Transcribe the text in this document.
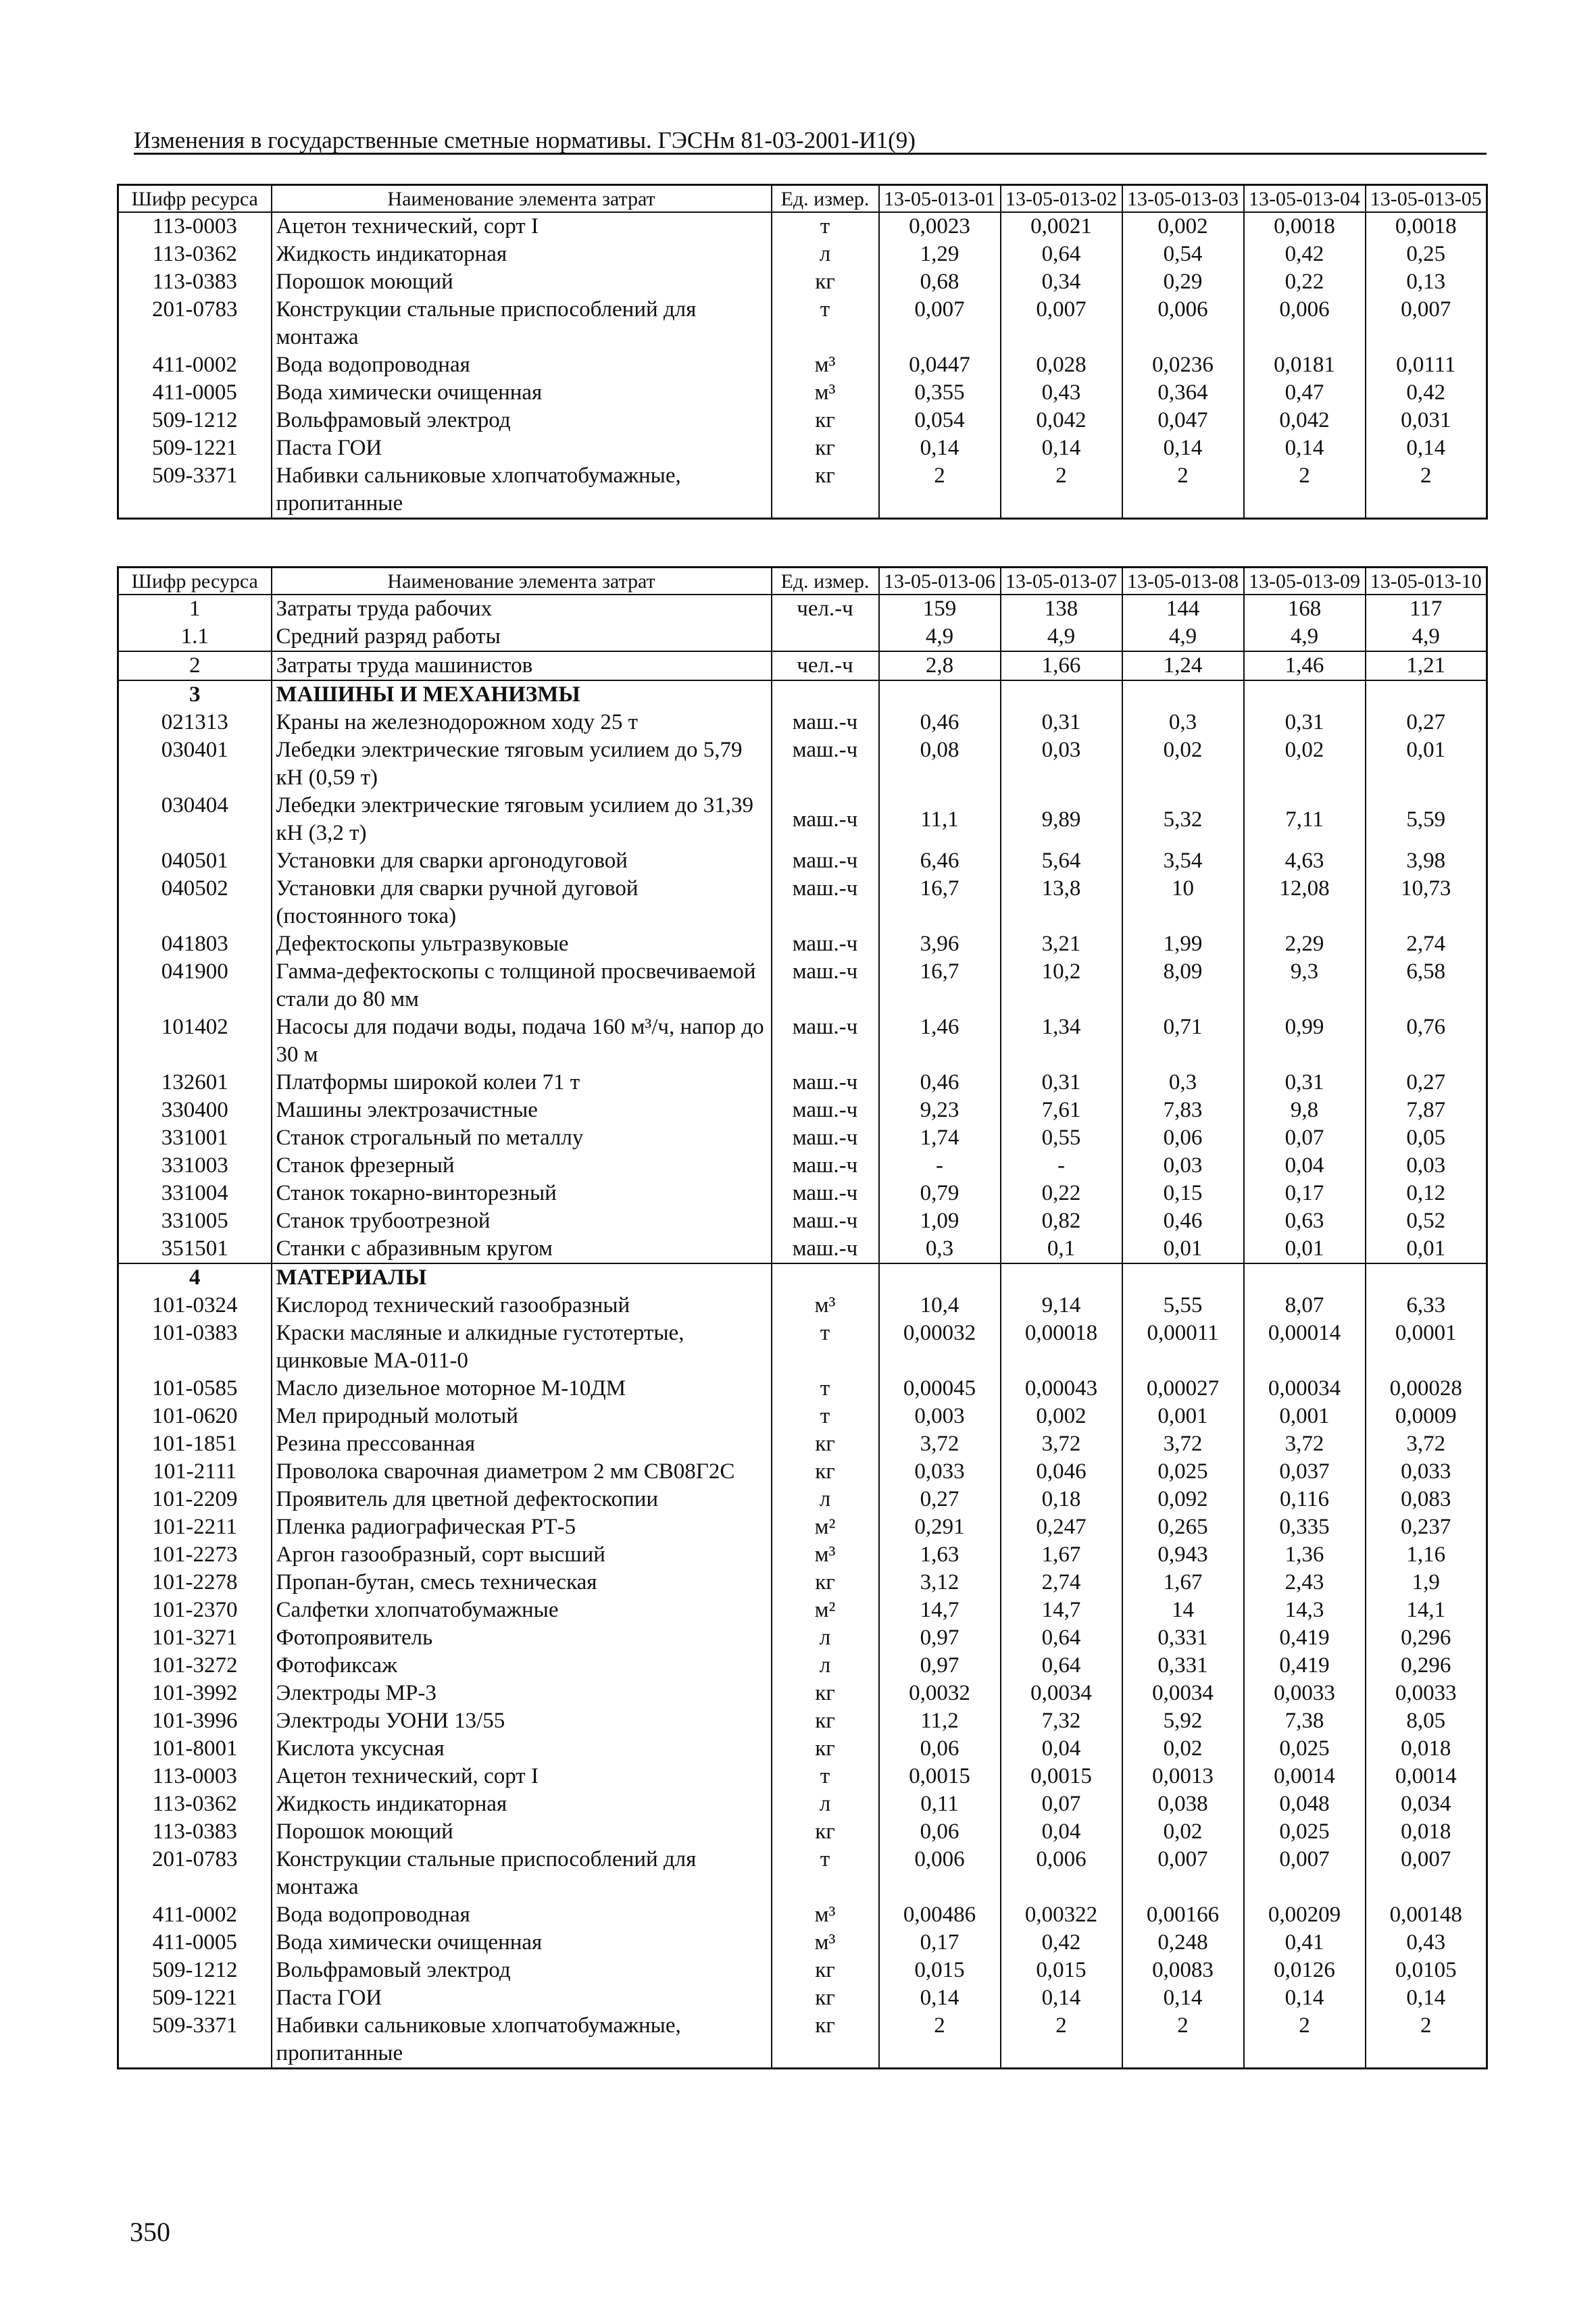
Изменения в государственные сметные нормативы. ГЭСНм 81-03-2001-И1(9)
Шифр ресурса	Наименование элемента затрат	Ед. измер.	13-05-013-01	13-05-013-02	13-05-013-03	13-05-013-04	13-05-013-05
113-0003	Ацетон технический, сорт I	т	0,0023	0,0021	0,002	0,0018	0,0018
113-0362	Жидкость индикаторная	л	1,29	0,64	0,54	0,42	0,25
113-0383	Порошок моющий	кг	0,68	0,34	0,29	0,22	0,13
201-0783	Конструкции стальные приспособлений для монтажа	т	0,007	0,007	0,006	0,006	0,007
411-0002	Вода водопроводная	м³	0,0447	0,028	0,0236	0,0181	0,0111
411-0005	Вода химически очищенная	м³	0,355	0,43	0,364	0,47	0,42
509-1212	Вольфрамовый электрод	кг	0,054	0,042	0,047	0,042	0,031
509-1221	Паста ГОИ	кг	0,14	0,14	0,14	0,14	0,14
509-3371	Набивки сальниковые хлопчатобумажные, пропитанные	кг	2	2	2	2	2
Шифр ресурса	Наименование элемента затрат	Ед. измер.	13-05-013-06	13-05-013-07	13-05-013-08	13-05-013-09	13-05-013-10
1	Затраты труда рабочих	чел.-ч	159	138	144	168	117
1.1	Средний разряд работы		4,9	4,9	4,9	4,9	4,9
2	Затраты труда машинистов	чел.-ч	2,8	1,66	1,24	1,46	1,21
3	МАШИНЫ И МЕХАНИЗМЫ						
021313	Краны на железнодорожном ходу 25 т	маш.-ч	0,46	0,31	0,3	0,31	0,27
030401	Лебедки электрические тяговым усилием до 5,79 кН (0,59 т)	маш.-ч	0,08	0,03	0,02	0,02	0,01
030404	Лебедки электрические тяговым усилием до 31,39 кН (3,2 т)	маш.-ч	11,1	9,89	5,32	7,11	5,59
040501	Установки для сварки аргонодуговой	маш.-ч	6,46	5,64	3,54	4,63	3,98
040502	Установки для сварки ручной дуговой (постоянного тока)	маш.-ч	16,7	13,8	10	12,08	10,73
041803	Дефектоскопы ультразвуковые	маш.-ч	3,96	3,21	1,99	2,29	2,74
041900	Гамма-дефектоскопы с толщиной просвечиваемой стали до 80 мм	маш.-ч	16,7	10,2	8,09	9,3	6,58
101402	Насосы для подачи воды, подача 160 м³/ч, напор до 30 м	маш.-ч	1,46	1,34	0,71	0,99	0,76
132601	Платформы широкой колеи 71 т	маш.-ч	0,46	0,31	0,3	0,31	0,27
330400	Машины электрозачистные	маш.-ч	9,23	7,61	7,83	9,8	7,87
331001	Станок строгальный по металлу	маш.-ч	1,74	0,55	0,06	0,07	0,05
331003	Станок фрезерный	маш.-ч	-	-	0,03	0,04	0,03
331004	Станок токарно-винторезный	маш.-ч	0,79	0,22	0,15	0,17	0,12
331005	Станок трубоотрезной	маш.-ч	1,09	0,82	0,46	0,63	0,52
351501	Станки с абразивным кругом	маш.-ч	0,3	0,1	0,01	0,01	0,01
4	МАТЕРИАЛЫ						
101-0324	Кислород технический газообразный	м³	10,4	9,14	5,55	8,07	6,33
101-0383	Краски масляные и алкидные густотертые, цинковые МА-011-0	т	0,00032	0,00018	0,00011	0,00014	0,0001
101-0585	Масло дизельное моторное М-10ДМ	т	0,00045	0,00043	0,00027	0,00034	0,00028
101-0620	Мел природный молотый	т	0,003	0,002	0,001	0,001	0,0009
101-1851	Резина прессованная	кг	3,72	3,72	3,72	3,72	3,72
101-2111	Проволока сварочная диаметром 2 мм СВ08Г2С	кг	0,033	0,046	0,025	0,037	0,033
101-2209	Проявитель для цветной дефектоскопии	л	0,27	0,18	0,092	0,116	0,083
101-2211	Пленка радиографическая РТ-5	м²	0,291	0,247	0,265	0,335	0,237
101-2273	Аргон газообразный, сорт высший	м³	1,63	1,67	0,943	1,36	1,16
101-2278	Пропан-бутан, смесь техническая	кг	3,12	2,74	1,67	2,43	1,9
101-2370	Салфетки хлопчатобумажные	м²	14,7	14,7	14	14,3	14,1
101-3271	Фотопроявитель	л	0,97	0,64	0,331	0,419	0,296
101-3272	Фотофиксаж	л	0,97	0,64	0,331	0,419	0,296
101-3992	Электроды МР-3	кг	0,0032	0,0034	0,0034	0,0033	0,0033
101-3996	Электроды УОНИ 13/55	кг	11,2	7,32	5,92	7,38	8,05
101-8001	Кислота уксусная	кг	0,06	0,04	0,02	0,025	0,018
113-0003	Ацетон технический, сорт I	т	0,0015	0,0015	0,0013	0,0014	0,0014
113-0362	Жидкость индикаторная	л	0,11	0,07	0,038	0,048	0,034
113-0383	Порошок моющий	кг	0,06	0,04	0,02	0,025	0,018
201-0783	Конструкции стальные приспособлений для монтажа	т	0,006	0,006	0,007	0,007	0,007
411-0002	Вода водопроводная	м³	0,00486	0,00322	0,00166	0,00209	0,00148
411-0005	Вода химически очищенная	м³	0,17	0,42	0,248	0,41	0,43
509-1212	Вольфрамовый электрод	кг	0,015	0,015	0,0083	0,0126	0,0105
509-1221	Паста ГОИ	кг	0,14	0,14	0,14	0,14	0,14
509-3371	Набивки сальниковые хлопчатобумажные, пропитанные	кг	2	2	2	2	2
350
